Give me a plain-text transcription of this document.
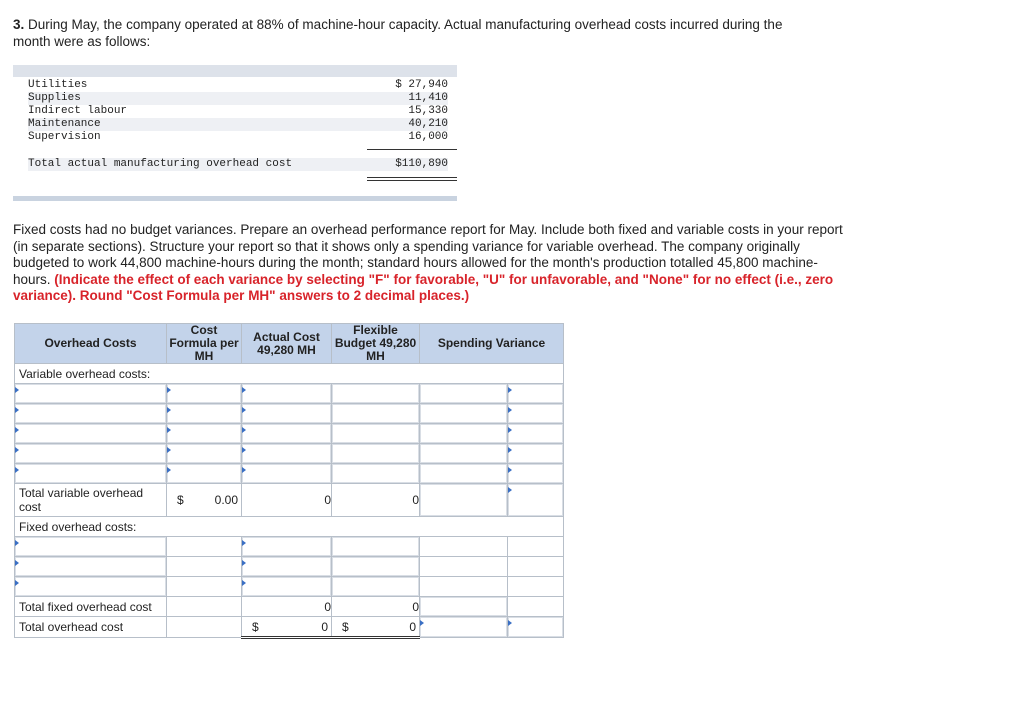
3. During May, the company operated at 88% of machine-hour capacity. Actual manufacturing overhead costs incurred during the month were as follows:
Utilities	$ 27,940
Supplies	11,410
Indirect labour	15,330
Maintenance	40,210
Supervision	16,000
Total actual manufacturing overhead cost	$110,890
Fixed costs had no budget variances. Prepare an overhead performance report for May. Include both fixed and variable costs in your report (in separate sections). Structure your report so that it shows only a spending variance for variable overhead. The company originally budgeted to work 44,800 machine-hours during the month; standard hours allowed for the month's production totalled 45,800 machine-hours. (Indicate the effect of each variance by selecting "F" for favorable, "U" for unfavorable, and "None" for no effect (i.e., zero variance). Round "Cost Formula per MH" answers to 2 decimal places.)
Overhead Costs	Cost Formula per MH	Actual Cost 49,280 MH	Flexible Budget 49,280 MH	Spending Variance	

Variable overhead costs:					

Total variable overhead cost	$ 0.00	0	0		

Fixed overhead costs:					

Total fixed overhead cost		0	0		

Total overhead cost		$ 0	$ 0		
